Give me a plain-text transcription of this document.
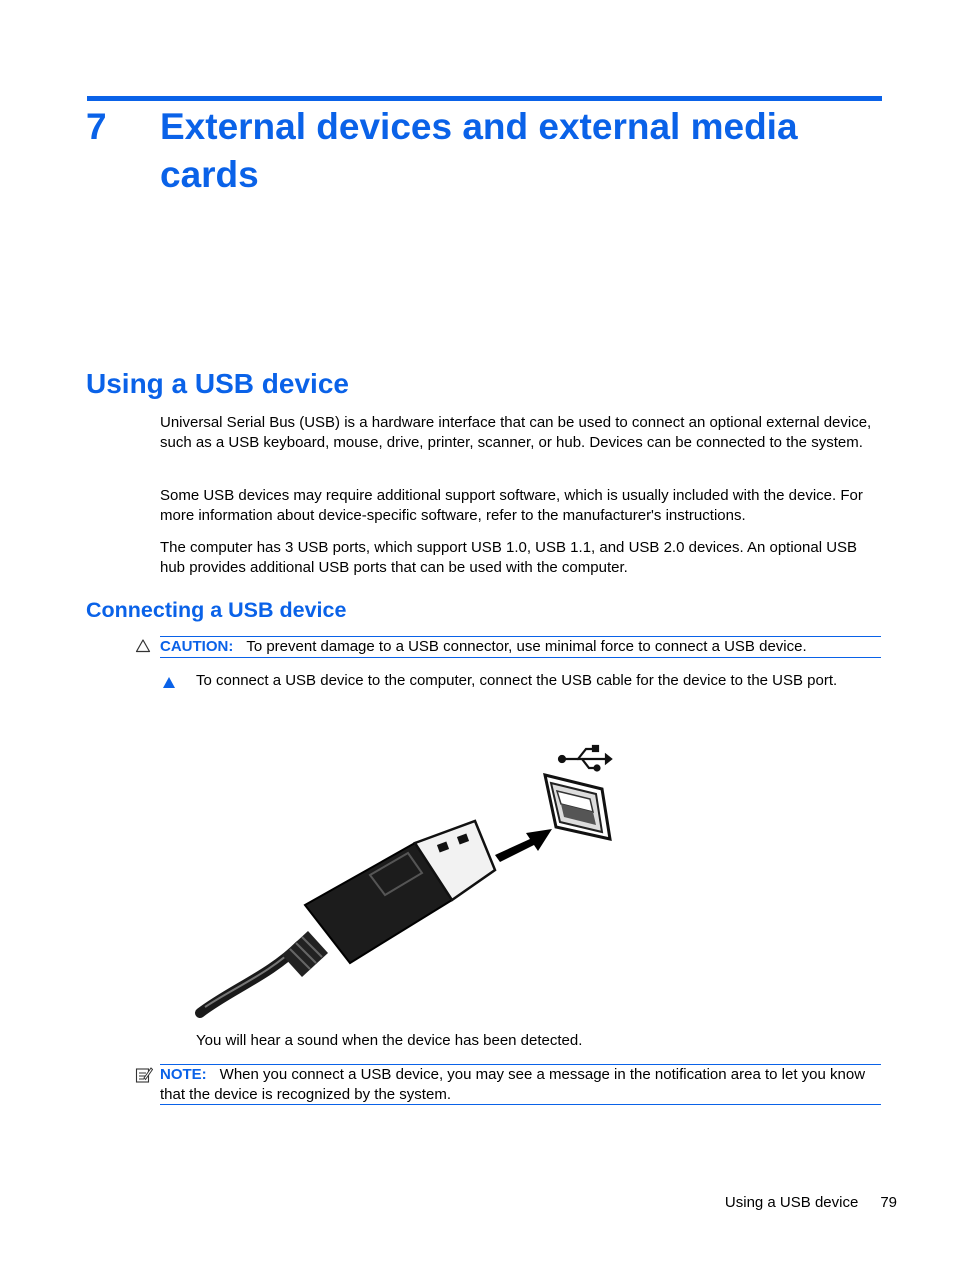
7 External devices and external media cards
Using a USB device
Universal Serial Bus (USB) is a hardware interface that can be used to connect an optional external device, such as a USB keyboard, mouse, drive, printer, scanner, or hub. Devices can be connected to the system.
Some USB devices may require additional support software, which is usually included with the device. For more information about device-specific software, refer to the manufacturer's instructions.
The computer has 3 USB ports, which support USB 1.0, USB 1.1, and USB 2.0 devices. An optional USB hub provides additional USB ports that can be used with the computer.
Connecting a USB device
CAUTION: To prevent damage to a USB connector, use minimal force to connect a USB device.
To connect a USB device to the computer, connect the USB cable for the device to the USB port.
You will hear a sound when the device has been detected.
NOTE: When you connect a USB device, you may see a message in the notification area to let you know that the device is recognized by the system.
Using a USB device 79
